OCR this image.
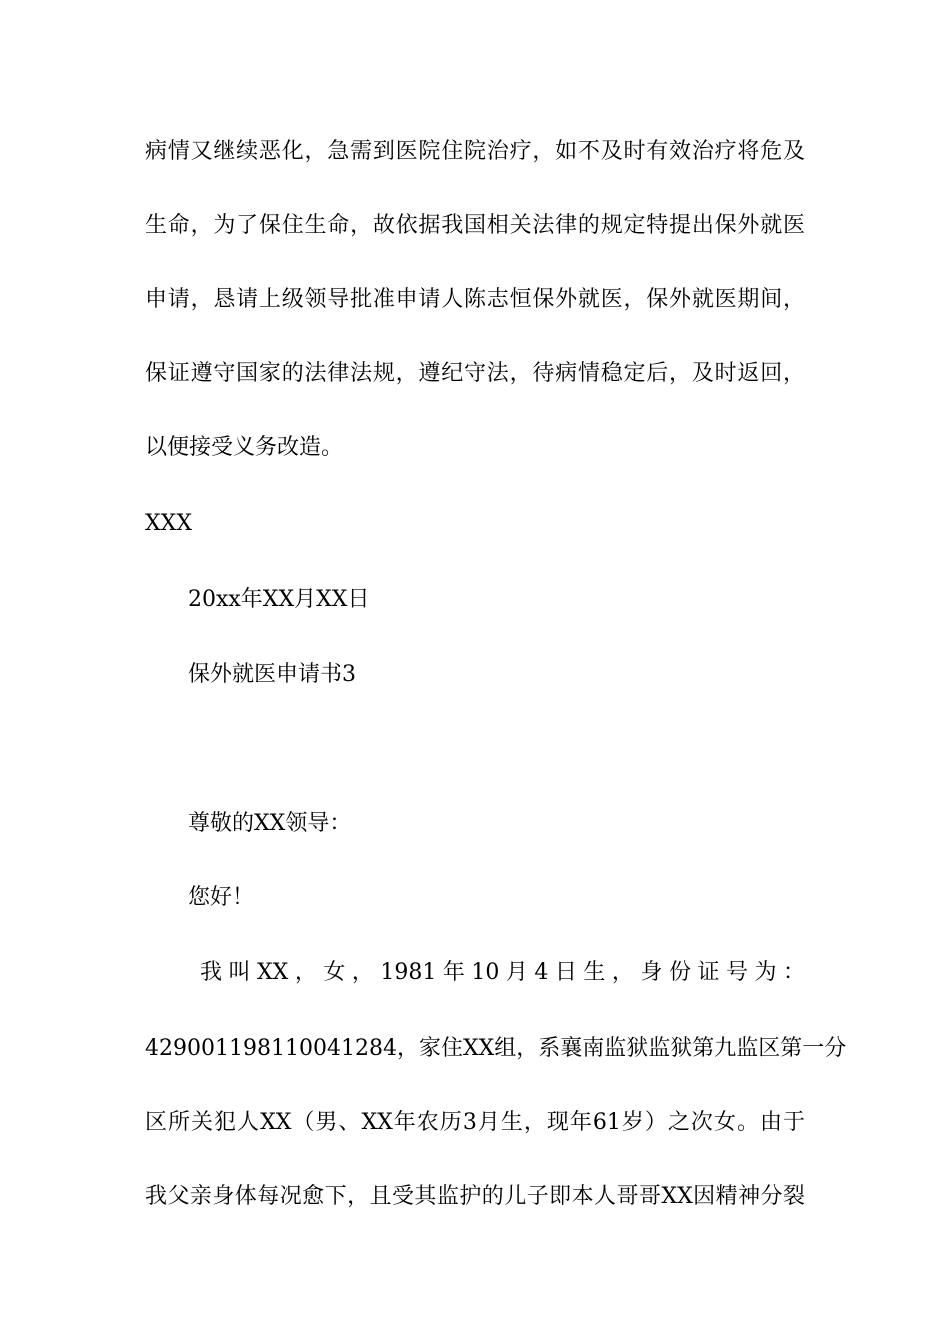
病情又继续恶化，急需到医院住院治疗，如不及时有效治疗将危及
生命，为了保住生命，故依据我国相关法律的规定特提出保外就医
申请，恳请上级领导批准申请人陈志恒保外就医，保外就医期间，
保证遵守国家的法律法规，遵纪守法，待病情稳定后，及时返回，
以便接受义务改造。
XXX
20xx年XX月XX日
保外就医申请书3
尊敬的XX领导：
您好！
我叫XX，女，1981年10月4日生，身份证号为：
429001198110041284，家住XX组，系襄南监狱监狱第九监区第一分
区所关犯人XX（男、XX年农历3月生，现年61岁）之次女。由于
我父亲身体每况愈下，且受其监护的儿子即本人哥哥XX因精神分裂
